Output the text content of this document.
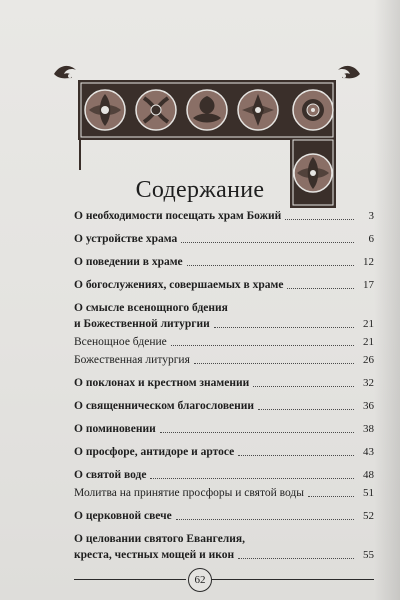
Содержание
О необходимости посещать храм Божий	3
О устройстве храма	6
О поведении в храме	12
О богослужениях, совершаемых в храме	17
О смысле всенощного бдения
и Божественной литургии	21
Всенощное бдение	21
Божественная литургия	26
О поклонах и крестном знамении	32
О священническом благословении	36
О поминовении	38
О просфоре, антидоре и артосе	43
О святой воде	48
Молитва на принятие просфоры и святой воды	51
О церковной свече	52
О целовании святого Евангелия,
креста, честных мощей и икон	55
62
